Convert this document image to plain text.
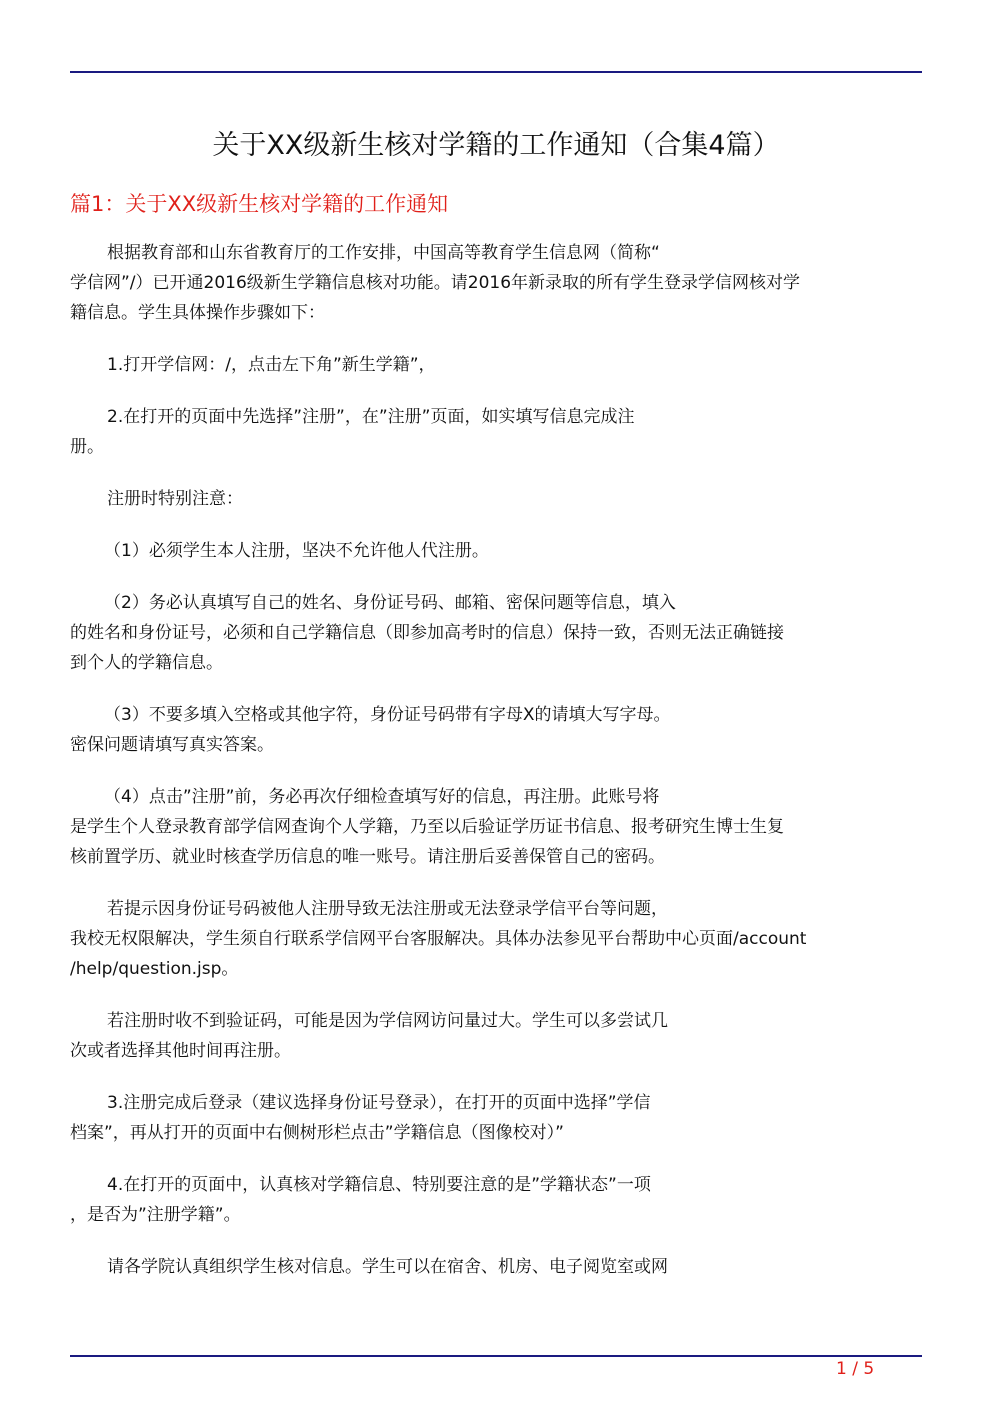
关于XX级新生核对学籍的工作通知（合集4篇）
篇1：关于XX级新生核对学籍的工作通知

根据教育部和山东省教育厅的工作安排，中国高等教育学生信息网（简称“
学信网”/）已开通2016级新生学籍信息核对功能。请2016年新录取的所有学生登录学信网核对学
籍信息。学生具体操作步骤如下：

1.打开学信网：/，点击左下角”新生学籍”，

2.在打开的页面中先选择”注册”，在”注册”页面，如实填写信息完成注
册。

注册时特别注意：

（1）必须学生本人注册，坚决不允许他人代注册。

（2）务必认真填写自己的姓名、身份证号码、邮箱、密保问题等信息，填入
的姓名和身份证号，必须和自己学籍信息（即参加高考时的信息）保持一致，否则无法正确链接
到个人的学籍信息。

（3）不要多填入空格或其他字符，身份证号码带有字母X的请填大写字母。
密保问题请填写真实答案。

（4）点击”注册”前，务必再次仔细检查填写好的信息，再注册。此账号将
是学生个人登录教育部学信网查询个人学籍，乃至以后验证学历证书信息、报考研究生博士生复
核前置学历、就业时核查学历信息的唯一账号。请注册后妥善保管自己的密码。

若提示因身份证号码被他人注册导致无法注册或无法登录学信平台等问题，
我校无权限解决，学生须自行联系学信网平台客服解决。具体办法参见平台帮助中心页面/account
/help/question.jsp。

若注册时收不到验证码，可能是因为学信网访问量过大。学生可以多尝试几
次或者选择其他时间再注册。

3.注册完成后登录（建议选择身份证号登录），在打开的页面中选择”学信
档案”，再从打开的页面中右侧树形栏点击”学籍信息（图像校对）”

4.在打开的页面中，认真核对学籍信息、特别要注意的是”学籍状态”一项
，是否为”注册学籍”。

请各学院认真组织学生核对信息。学生可以在宿舍、机房、电子阅览室或网

1 / 5
